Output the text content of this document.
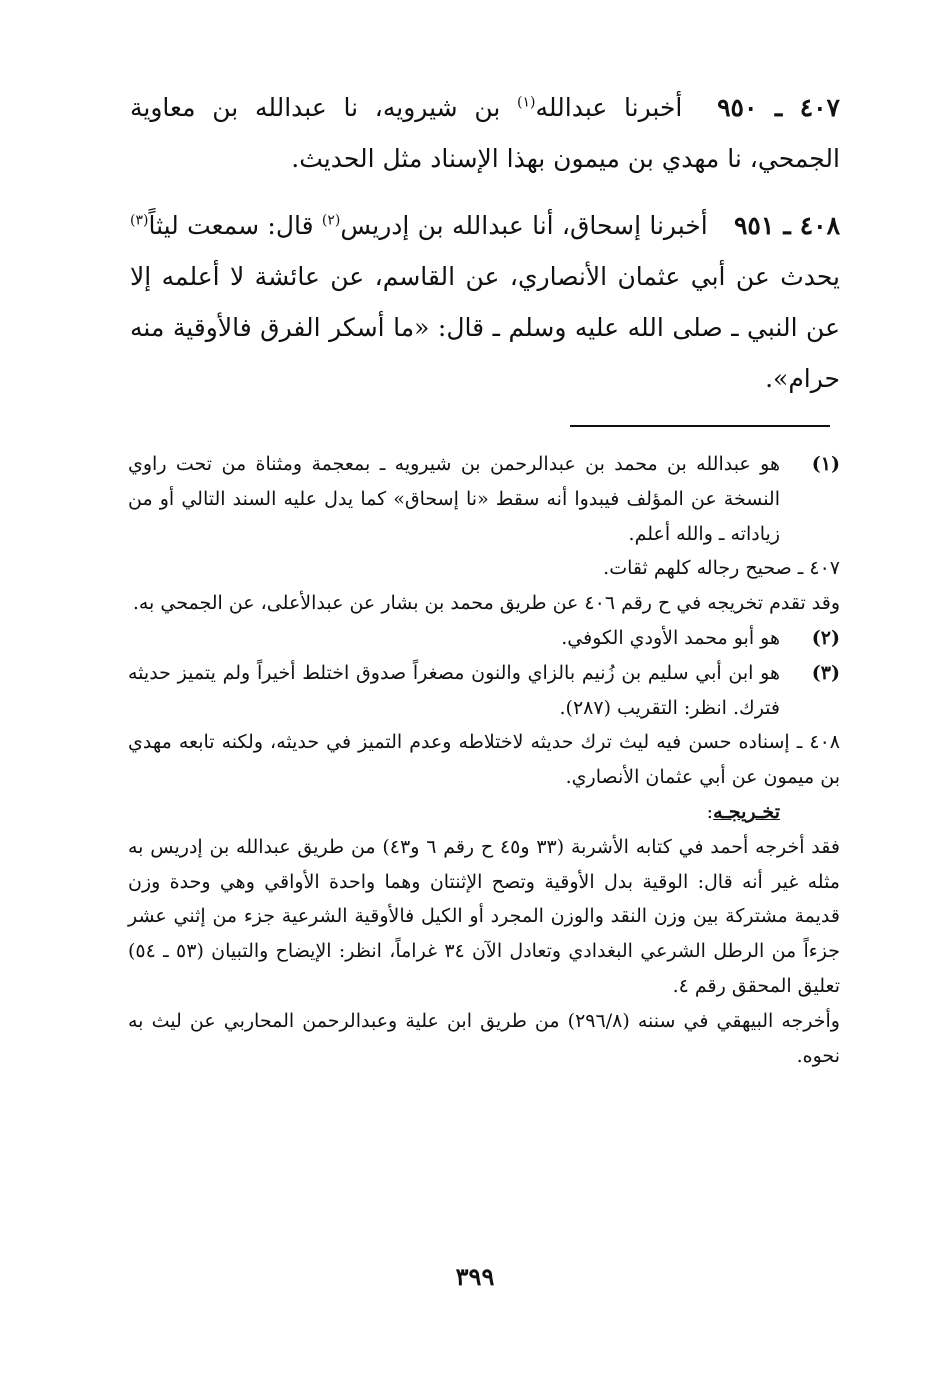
٤٠٧ ـ ٩٥٠ أخبرنا عبدالله$^{(١)}$ بن شيرويه، نا عبدالله بن معاوية الجمحي، نا مهدي بن ميمون بهذا الإسناد مثل الحديث.

٤٠٨ ـ ٩٥١ أخبرنا إسحاق، أنا عبدالله بن إدريس$^{(٢)}$ قال: سمعت ليثاً$^{(٣)}$ يحدث عن أبي عثمان الأنصاري، عن القاسم، عن عائشة لا أعلمه إلا عن النبي ـ صلى الله عليه وسلم ـ قال: «ما أسكر الفرق فالأوقية منه حرام».

(١)
هو عبدالله بن محمد بن عبدالرحمن بن شيرويه ـ بمعجمة ومثناة من تحت راوي النسخة عن المؤلف فيبدوا أنه سقط «نا إسحاق» كما يدل عليه السند التالي أو من زياداته ـ والله أعلم.

٤٠٧ ـ صحيح رجاله كلهم ثقات.

وقد تقدم تخريجه في ح رقم ٤٠٦ عن طريق محمد بن بشار عن عبدالأعلى، عن الجمحي به.

(٢)
هو أبو محمد الأودي الكوفي.
(٣)
هو ابن أبي سليم بن زُنيم بالزاي والنون مصغراً صدوق اختلط أخيراً ولم يتميز حديثه فترك. انظر: التقريب (٢٨٧).

٤٠٨ ـ إسناده حسن فيه ليث ترك حديثه لاختلاطه وعدم التميز في حديثه، ولكنه تابعه مهدي بن ميمون عن أبي عثمان الأنصاري.

تخـريجـه:

فقد أخرجه أحمد في كتابه الأشربة (٣٣ و٤٥ ح رقم ٦ و٤٣) من طريق عبدالله بن إدريس به مثله غير أنه قال: الوقية بدل الأوقية وتصح الإثنتان وهما واحدة الأواقي وهي وحدة وزن قديمة مشتركة بين وزن النقد والوزن المجرد أو الكيل فالأوقية الشرعية جزء من إثني عشر جزءاً من الرطل الشرعي البغدادي وتعادل الآن ٣٤ غراماً، انظر: الإيضاح والتبيان (٥٣ ـ ٥٤) تعليق المحقق رقم ٤.

وأخرجه البيهقي في سننه (٢٩٦/٨) من طريق ابن علية وعبدالرحمن المحاربي عن ليث به نحوه.

٣٩٩
